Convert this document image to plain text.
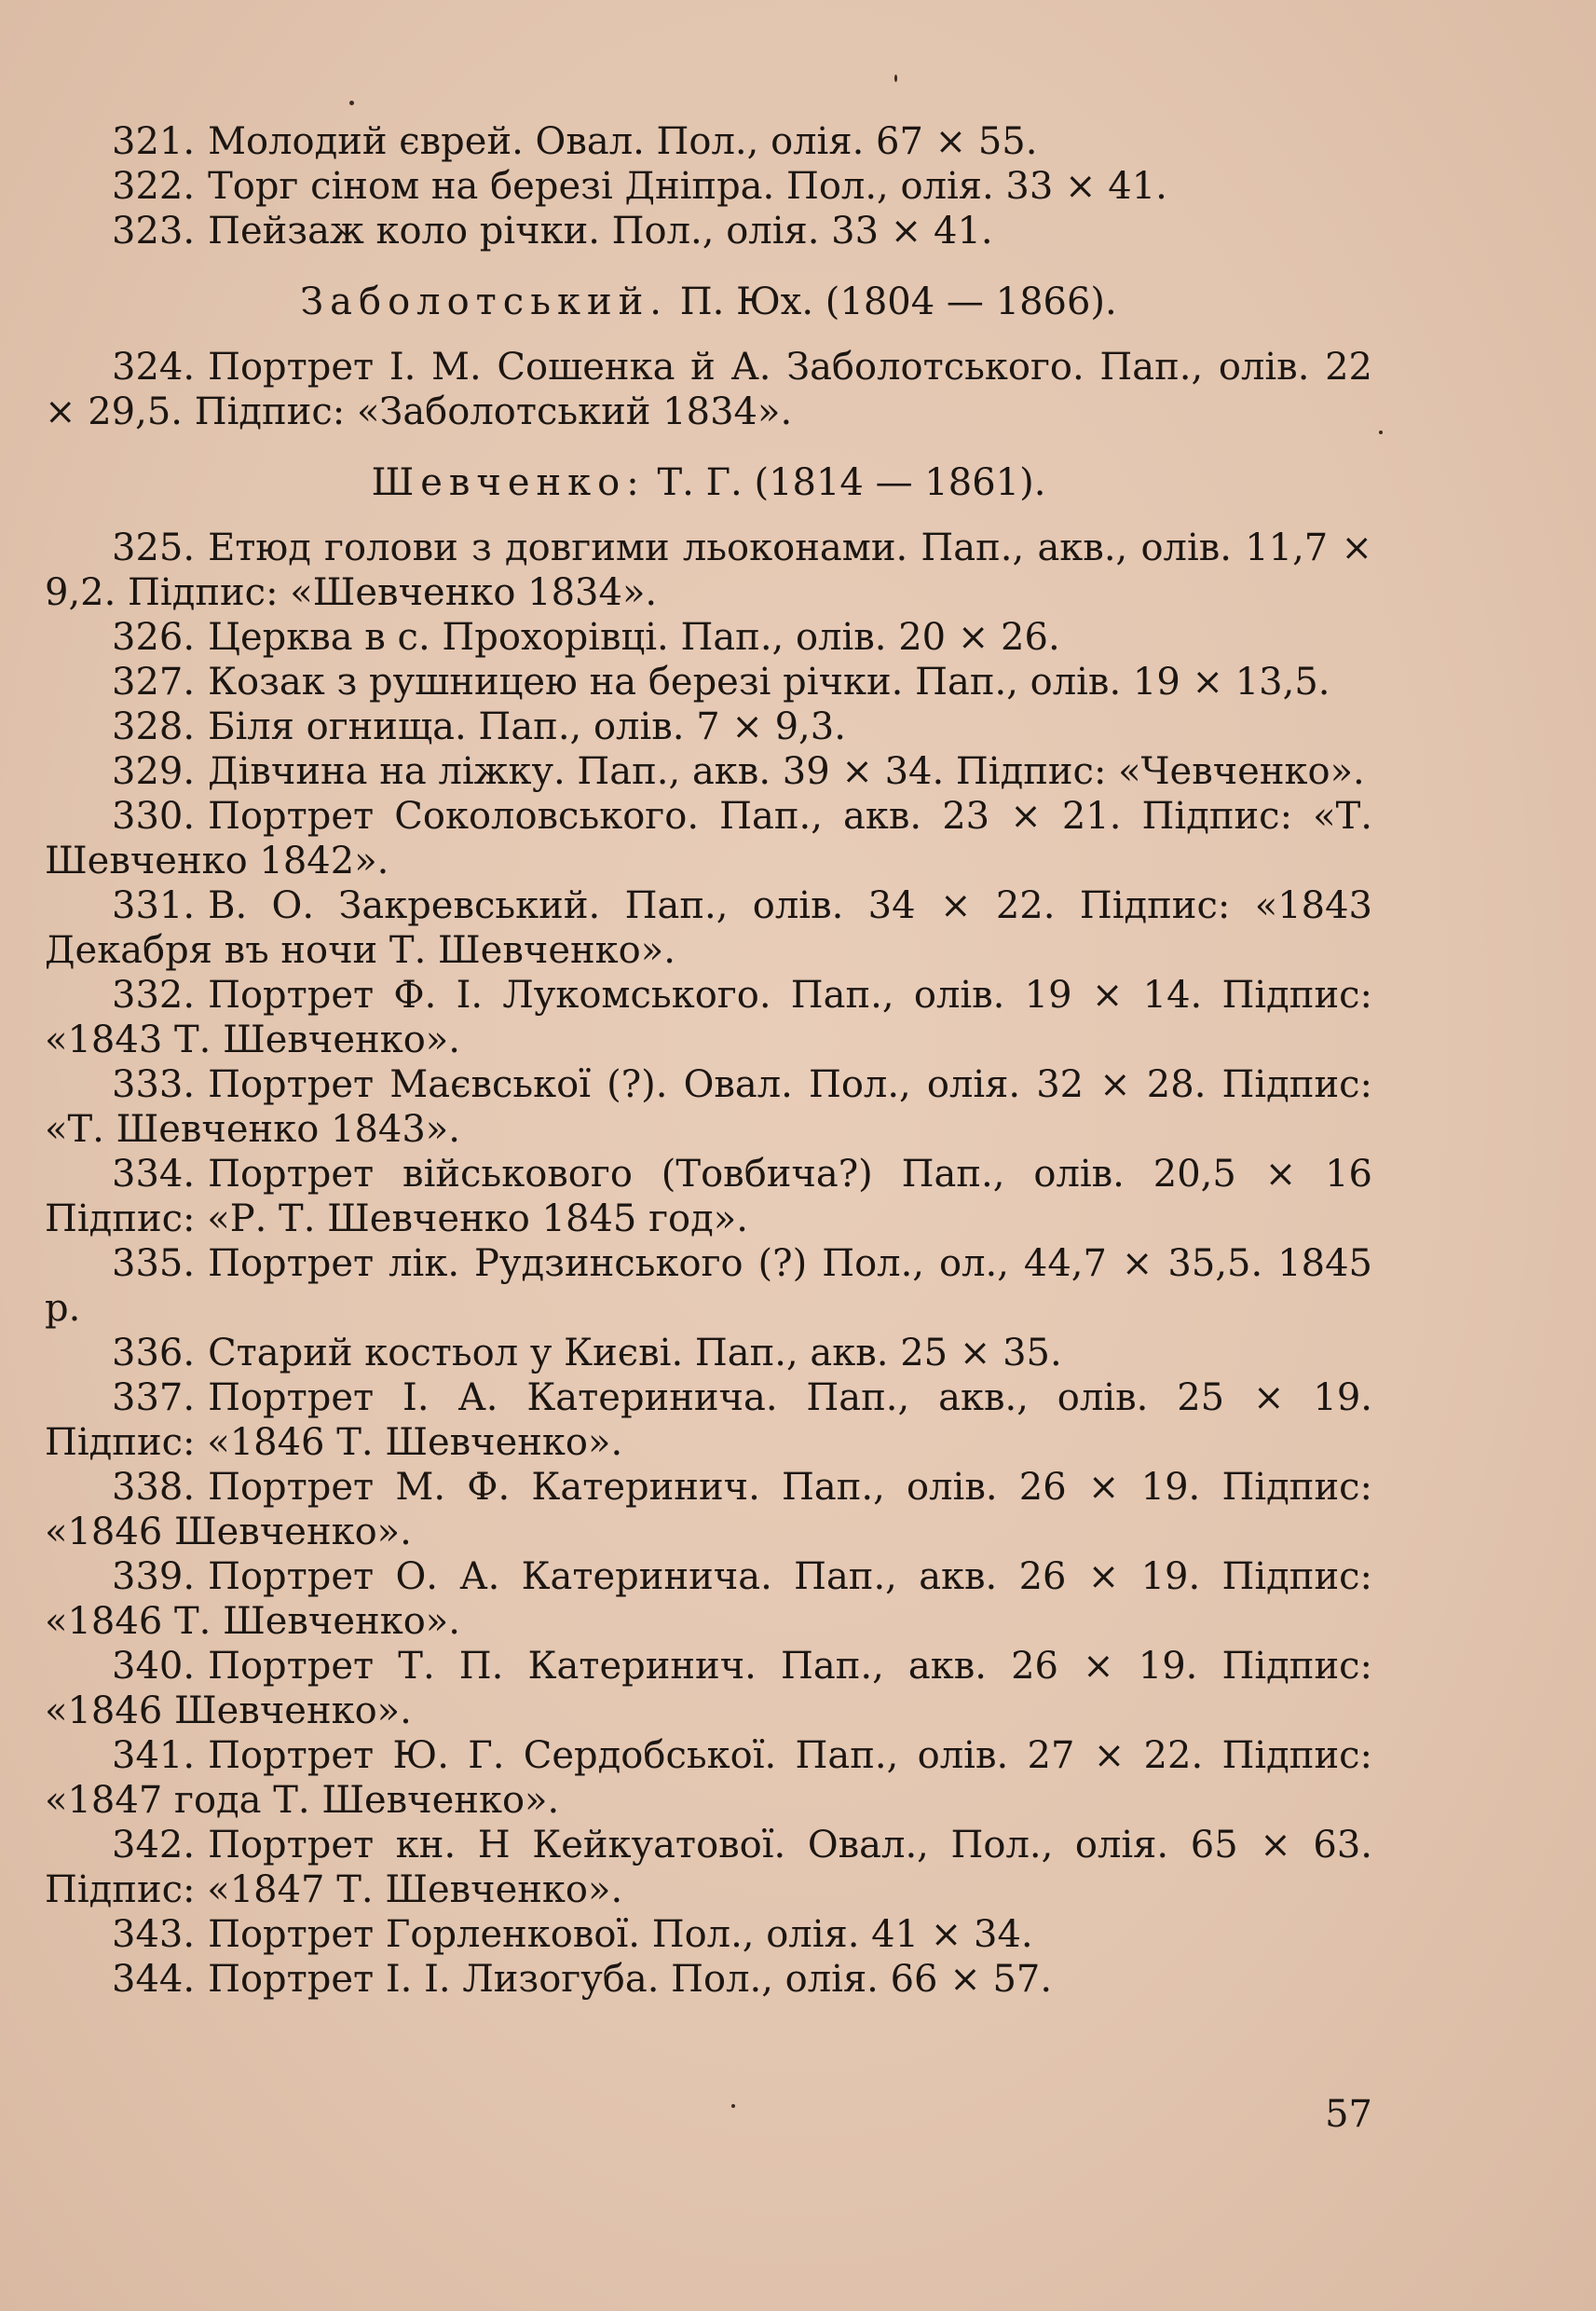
321. Молодий єврей. Овал. Пол., олія. 67 × 55.

322. Торг сіном на березі Дніпра. Пол., олія. 33 × 41.

323. Пейзаж коло річки. Пол., олія. 33 × 41.

Заболотський. П. Юх. (1804 — 1866).

324. Портрет І. М. Сошенка й А. Заболотського. Пап., олів. 22 × 29,5. Підпис: «Заболотський 1834».

Шевченко: Т. Г. (1814 — 1861).

325. Етюд голови з довгими льоконами. Пап., акв., олів. 11,7 × 9,2. Підпис: «Шевченко 1834».

326. Церква в с. Прохорівці. Пап., олів. 20 × 26.

327. Козак з рушницею на березі річки. Пап., олів. 19 × 13,5.

328. Біля огнища. Пап., олів. 7 × 9,3.

329. Дівчина на ліжку. Пап., акв. 39 × 34. Підпис: «Чевченко».

330. Портрет Соколовського. Пап., акв. 23 × 21. Підпис: «Т. Шевченко 1842».

331. В. О. Закревський. Пап., олів. 34 × 22. Підпис: «1843 Декабря въ ночи Т. Шевченко».

332. Портрет Ф. І. Лукомського. Пап., олів. 19 × 14. Підпис: «1843 Т. Шевченко».

333. Портрет Маєвської (?). Овал. Пол., олія. 32 × 28. Підпис: «Т. Шевченко 1843».

334. Портрет військового (Товбича?) Пап., олів. 20,5 × 16 Підпис: «Р. Т. Шевченко 1845 год».

335. Портрет лік. Рудзинського (?) Пол., ол., 44,7 × 35,5. 1845 р.

336. Старий костьол у Києві. Пап., акв. 25 × 35.

337. Портрет І. А. Катеринича. Пап., акв., олів. 25 × 19. Підпис: «1846 Т. Шевченко».

338. Портрет М. Ф. Катеринич. Пап., олів. 26 × 19. Підпис: «1846 Шевченко».

339. Портрет О. А. Катеринича. Пап., акв. 26 × 19. Підпис: «1846 Т. Шевченко».

340. Портрет Т. П. Катеринич. Пап., акв. 26 × 19. Підпис: «1846 Шевченко».

341. Портрет Ю. Г. Сердобської. Пап., олів. 27 × 22. Підпис: «1847 года Т. Шевченко».

342. Портрет кн. Н Кейкуатової. Овал., Пол., олія. 65 × 63. Підпис: «1847 Т. Шевченко».

343. Портрет Горленкової. Пол., олія. 41 × 34.

344. Портрет І. І. Лизогуба. Пол., олія. 66 × 57.

57
